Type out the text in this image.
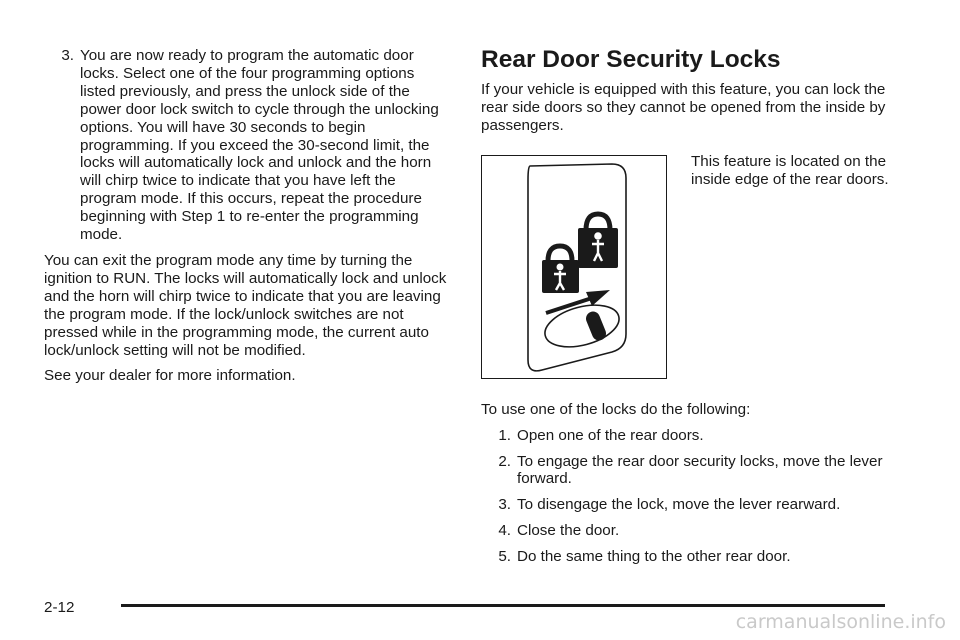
3. You are now ready to program the automatic door locks. Select one of the four programming options listed previously, and press the unlock side of the power door lock switch to cycle through the unlocking options. You will have 30 seconds to begin programming. If you exceed the 30-second limit, the locks will automatically lock and unlock and the horn will chirp twice to indicate that you have left the program mode. If this occurs, repeat the procedure beginning with Step 1 to re-enter the programming mode.

You can exit the program mode any time by turning the ignition to RUN. The locks will automatically lock and unlock and the horn will chirp twice to indicate that you are leaving the program mode. If the lock/unlock switches are not pressed while in the programming mode, the current auto lock/unlock setting will not be modified.

See your dealer for more information.

Rear Door Security Locks

If your vehicle is equipped with this feature, you can lock the rear side doors so they cannot be opened from the inside by passengers.

This feature is located on the inside edge of the rear doors.

To use one of the locks do the following:

1. Open one of the rear doors.
2. To engage the rear door security locks, move the lever forward.
3. To disengage the lock, move the lever rearward.
4. Close the door.
5. Do the same thing to the other rear door.
2-12
carmanualsonline.info
